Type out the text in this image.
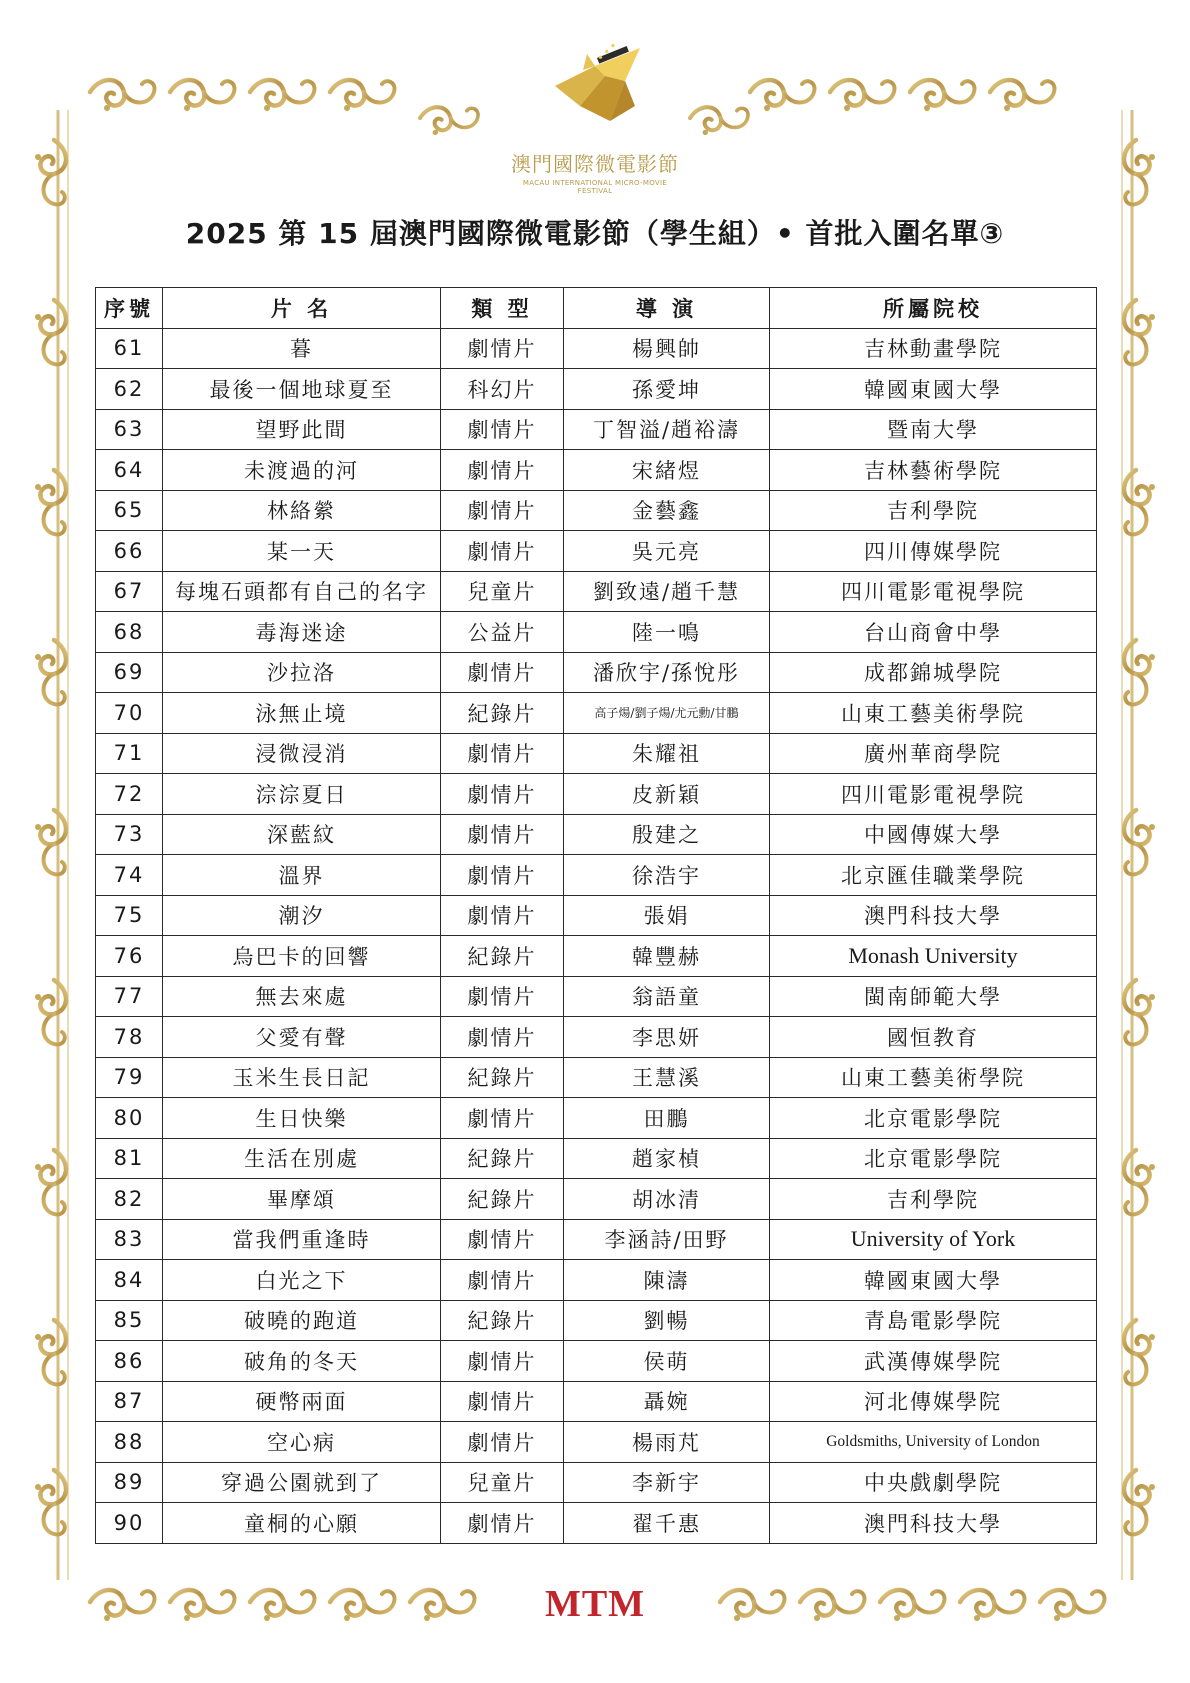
澳門國際微電影節
MACAU INTERNATIONAL MICRO-MOVIE FESTIVAL
2025 第 15 屆澳門國際微電影節（學生組）• 首批入圍名單③
序號	片 名	類 型	導 演	所屬院校
61	暮	劇情片	楊興帥	吉林動畫學院
62	最後一個地球夏至	科幻片	孫愛坤	韓國東國大學
63	望野此間	劇情片	丁智溢/趙裕濤	暨南大學
64	未渡過的河	劇情片	宋緒煜	吉林藝術學院
65	林絡縈	劇情片	金藝鑫	吉利學院
66	某一天	劇情片	吳元亮	四川傳媒學院
67	每塊石頭都有自己的名字	兒童片	劉致遠/趙千慧	四川電影電視學院
68	毒海迷途	公益片	陸一鳴	台山商會中學
69	沙拉洛	劇情片	潘欣宇/孫悅彤	成都錦城學院
70	泳無止境	紀錄片	高子煬/劉子煬/尤元勳/甘鵬	山東工藝美術學院
71	浸微浸消	劇情片	朱耀祖	廣州華商學院
72	淙淙夏日	劇情片	皮新穎	四川電影電視學院
73	深藍紋	劇情片	殷建之	中國傳媒大學
74	溫界	劇情片	徐浩宇	北京匯佳職業學院
75	潮汐	劇情片	張娟	澳門科技大學
76	烏巴卡的回響	紀錄片	韓豐赫	Monash University
77	無去來處	劇情片	翁語童	閩南師範大學
78	父愛有聲	劇情片	李思妍	國恒教育
79	玉米生長日記	紀錄片	王慧溪	山東工藝美術學院
80	生日快樂	劇情片	田鵬	北京電影學院
81	生活在別處	紀錄片	趙家楨	北京電影學院
82	畢摩頌	紀錄片	胡冰清	吉利學院
83	當我們重逢時	劇情片	李涵詩/田野	University of York
84	白光之下	劇情片	陳濤	韓國東國大學
85	破曉的跑道	紀錄片	劉暢	青島電影學院
86	破角的冬天	劇情片	侯萌	武漢傳媒學院
87	硬幣兩面	劇情片	聶婉	河北傳媒學院
88	空心病	劇情片	楊雨芃	Goldsmiths, University of London
89	穿過公園就到了	兒童片	李新宇	中央戲劇學院
90	童桐的心願	劇情片	翟千惠	澳門科技大學
MTM
